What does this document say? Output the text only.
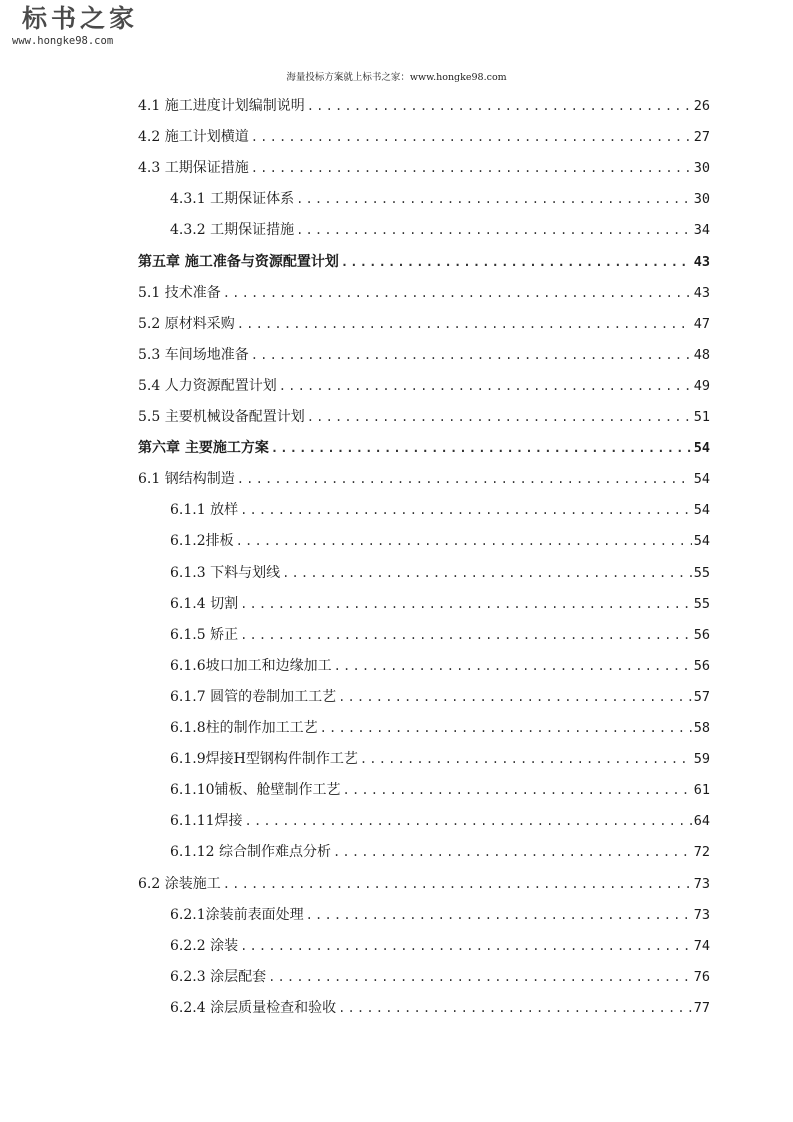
标书之家
www.hongke98.com
海量投标方案就上标书之家：www.hongke98.com
4.1 施工进度计划编制说明 .....	26
4.2 施工计划横道 .....	27
4.3 工期保证措施 .....	30
4.3.1 工期保证体系 .....	30
4.3.2 工期保证措施 .....	34
第五章 施工准备与资源配置计划 .....	43
5.1 技术准备 .....	43
5.2 原材料采购 .....	47
5.3 车间场地准备 .....	48
5.4 人力资源配置计划 .....	49
5.5 主要机械设备配置计划 .....	51
第六章 主要施工方案 .....	54
6.1 钢结构制造 .....	54
6.1.1 放样 .....	54
6.1.2排板 .....	54
6.1.3 下料与划线 .....	55
6.1.4 切割 .....	55
6.1.5 矫正 .....	56
6.1.6坡口加工和边缘加工 .....	56
6.1.7 圆管的卷制加工工艺 .....	57
6.1.8柱的制作加工工艺 .....	58
6.1.9焊接H型钢构件制作工艺 .....	59
6.1.10铺板、舱壁制作工艺 .....	61
6.1.11焊接 .....	64
6.1.12 综合制作难点分析 .....	72
6.2 涂装施工 .....	73
6.2.1涂装前表面处理 .....	73
6.2.2 涂装 .....	74
6.2.3 涂层配套 .....	76
6.2.4 涂层质量检查和验收 .....	77
